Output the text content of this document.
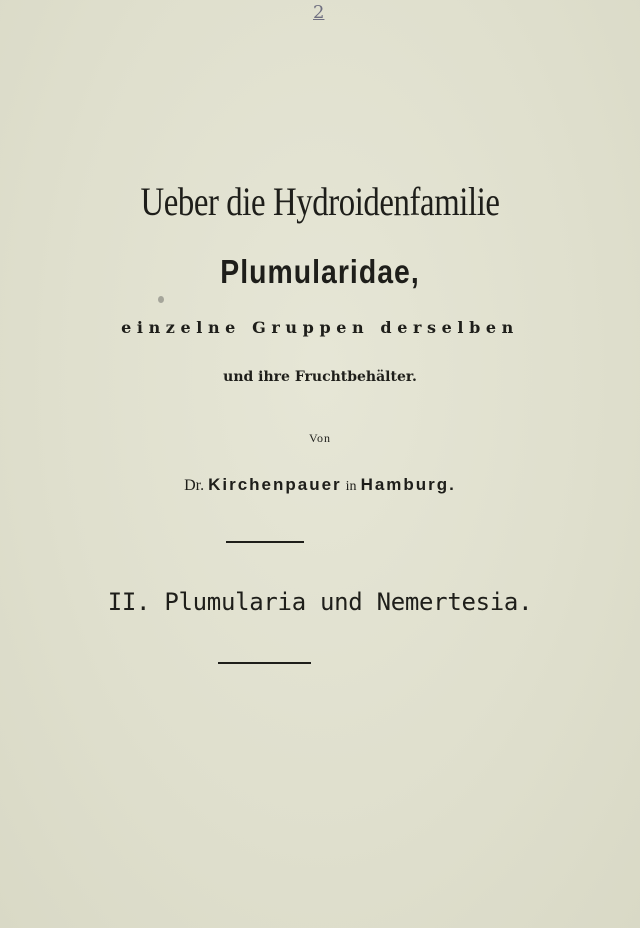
2
Ueber die Hydroidenfamilie
Plumularidae,
einzelne Gruppen derselben
und ihre Fruchtbehälter.
Von
Dr. Kirchenpauer in Hamburg.
II. Plumularia und Nemertesia.
